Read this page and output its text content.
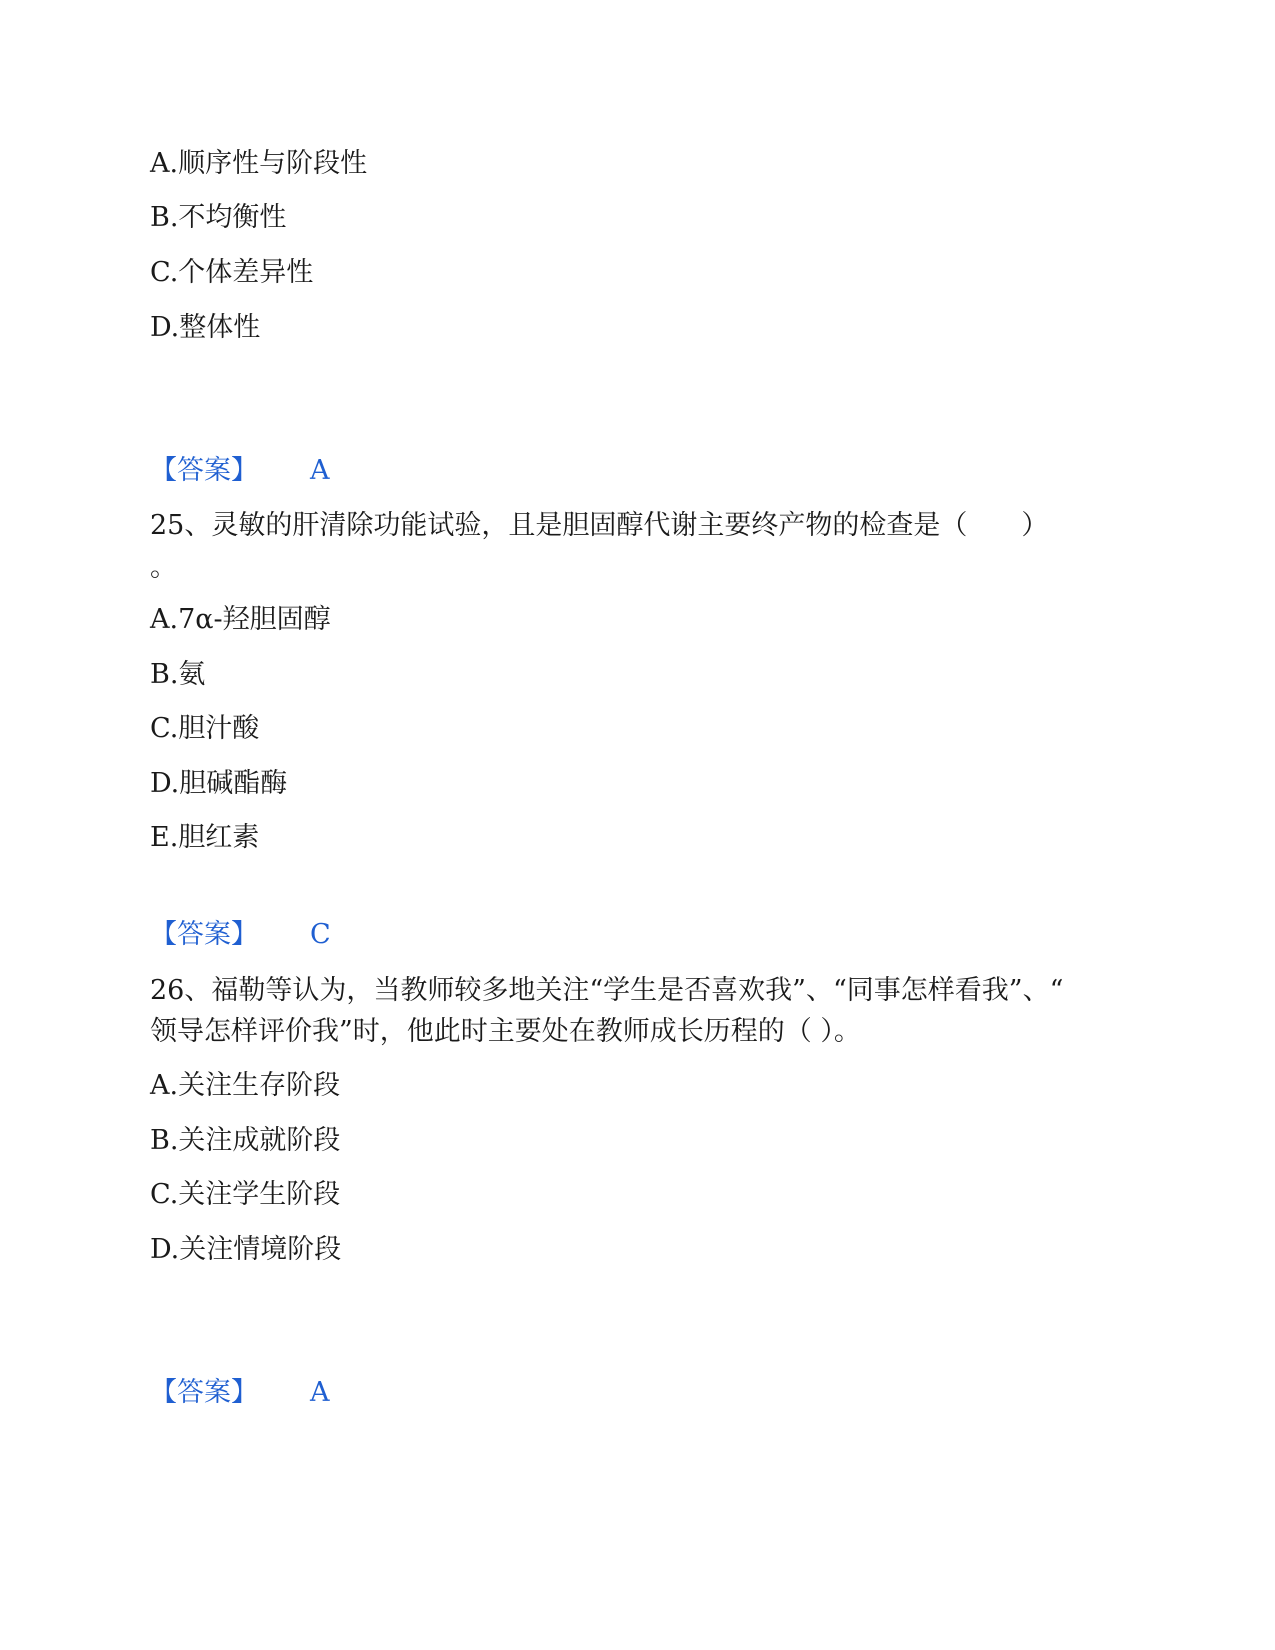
A.顺序性与阶段性
B.不均衡性
C.个体差异性
D.整体性
【答案】 A
25、灵敏的肝清除功能试验，且是胆固醇代谢主要终产物的检查是（　　）
。
A.7α-羟胆固醇
B.氨
C.胆汁酸
D.胆碱酯酶
E.胆红素
【答案】 C
26、福勒等认为，当教师较多地关注“学生是否喜欢我”、“同事怎样看我”、“
领导怎样评价我”时，他此时主要处在教师成长历程的（ ）。
A.关注生存阶段
B.关注成就阶段
C.关注学生阶段
D.关注情境阶段
【答案】 A
